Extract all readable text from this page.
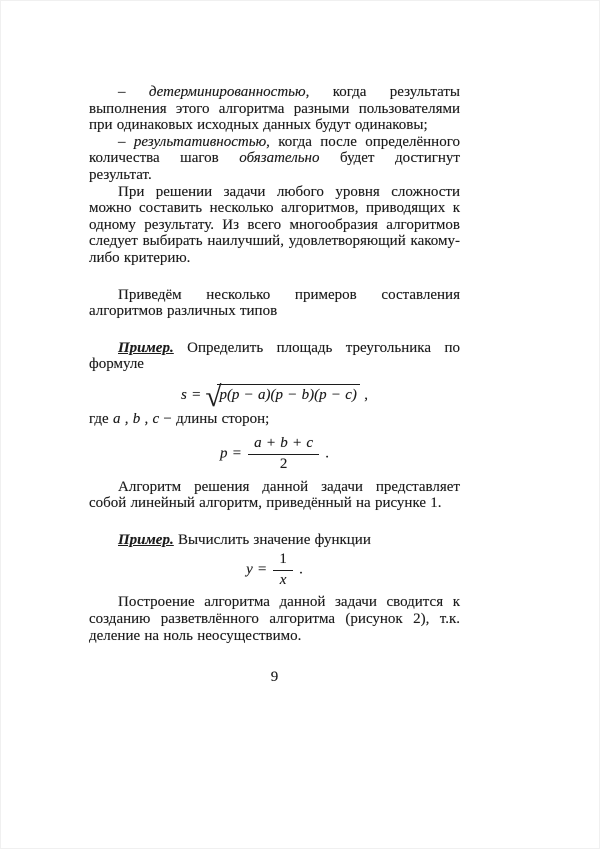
– детерминированностью, когда результаты выполнения этого алгоритма разными пользователями при одинаковых исходных данных будут одинаковы;

– результативностью, когда после определённого количества шагов обязательно будет достигнут результат.

При решении задачи любого уровня сложности можно составить несколько алгоритмов, приводящих к одному результату. Из всего многообразия алгоритмов следует выбирать наилучший, удовлетворяющий какому-либо критерию.

Приведём несколько примеров составления алгоритмов различных типов

Пример. Определить площадь треугольника по формуле

s = √p(p − a)(p − b)(p − c) ,

где a , b , c − длины сторон;

$p = \frac{a + b + c}{2}$ .

Алгоритм решения данной задачи представляет собой линейный алгоритм, приведённый на рисунке 1.

Пример. Вычислить значение функции

$y = \frac{1}{x}$ .

Построение алгоритма данной задачи сводится к созданию разветвлённого алгоритма (рисунок 2), т.к. деление на ноль неосуществимо.

9
